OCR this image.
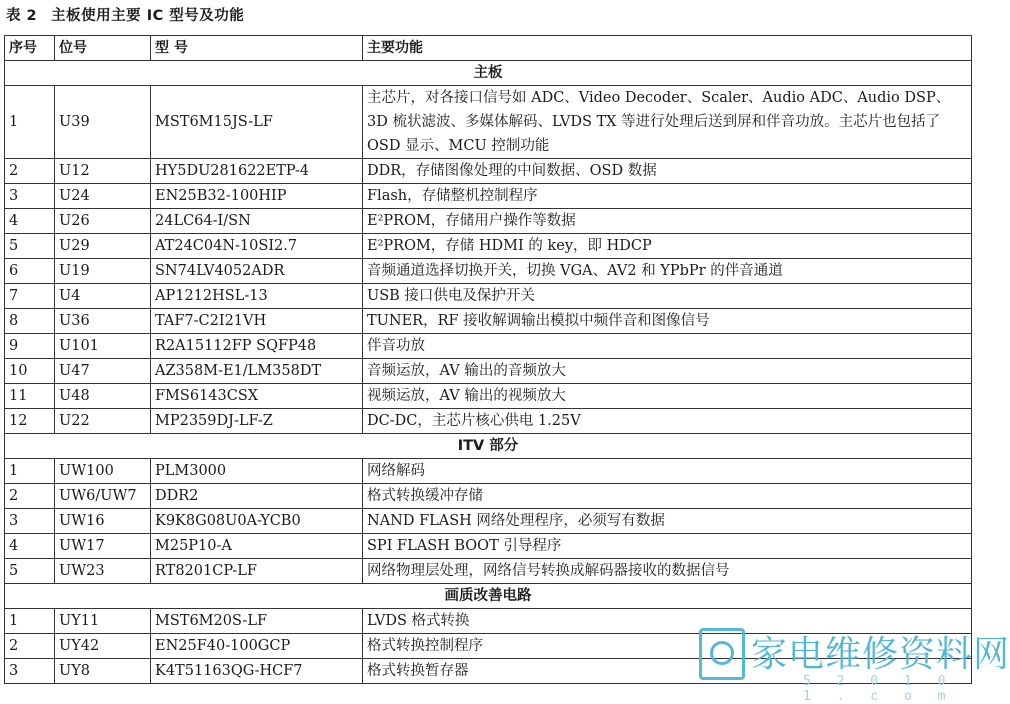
表 2 主板使用主要 IC 型号及功能
序号	位号	型 号	主要功能
主板			
1	U39	MST6M15JS-LF	主芯片，对各接口信号如 ADC、Video Decoder、Scaler、Audio ADC、Audio DSP、3D 梳状滤波、多媒体解码、LVDS TX 等进行处理后送到屏和伴音功放。主芯片也包括了 OSD 显示、MCU 控制功能
2	U12	HY5DU281622ETP-4	DDR，存储图像处理的中间数据、OSD 数据
3	U24	EN25B32-100HIP	Flash，存储整机控制程序
4	U26	24LC64-I/SN	E²PROM，存储用户操作等数据
5	U29	AT24C04N-10SI2.7	E²PROM，存储 HDMI 的 key，即 HDCP
6	U19	SN74LV4052ADR	音频通道选择切换开关，切换 VGA、AV2 和 YPbPr 的伴音通道
7	U4	AP1212HSL-13	USB 接口供电及保护开关
8	U36	TAF7-C2I21VH	TUNER，RF 接收解调输出模拟中频伴音和图像信号
9	U101	R2A15112FP SQFP48	伴音功放
10	U47	AZ358M-E1/LM358DT	音频运放，AV 输出的音频放大
11	U48	FMS6143CSX	视频运放，AV 输出的视频放大
12	U22	MP2359DJ-LF-Z	DC-DC，主芯片核心供电 1.25V
ITV 部分			
1	UW100	PLM3000	网络解码
2	UW6/UW7	DDR2	格式转换缓冲存储
3	UW16	K9K8G08U0A-YCB0	NAND FLASH 网络处理程序，必须写有数据
4	UW17	M25P10-A	SPI FLASH BOOT 引导程序
5	UW23	RT8201CP-LF	网络物理层处理，网络信号转换成解码器接收的数据信号
画质改善电路			
1	UY11	MST6M20S-LF	LVDS 格式转换
2	UY42	EN25F40-100GCP	格式转换控制程序
3	UY8	K4T51163QG-HCF7	格式转换暂存器	家电维修资料网
5 2 0 1 0 1 . c o m
